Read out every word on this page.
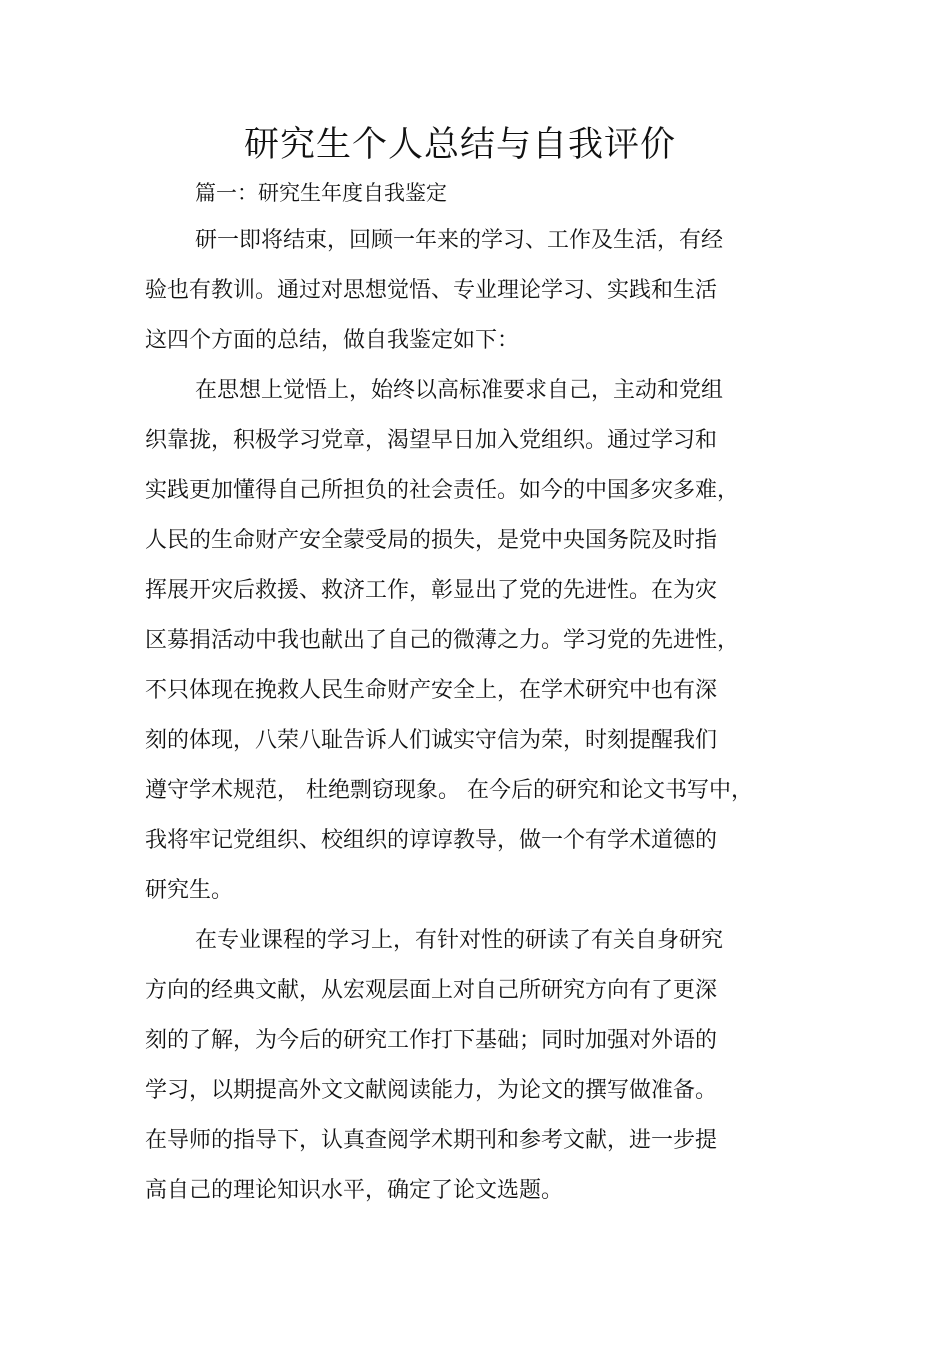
研究生个人总结与自我评价
篇一：研究生年度自我鉴定
研一即将结束，回顾一年来的学习、工作及生活，有经
验也有教训。通过对思想觉悟、专业理论学习、实践和生活
这四个方面的总结，做自我鉴定如下：
在思想上觉悟上，始终以高标准要求自己，主动和党组
织靠拢，积极学习党章，渴望早日加入党组织。通过学习和
实践更加懂得自己所担负的社会责任。如今的中国多灾多难，
人民的生命财产安全蒙受局的损失，是党中央国务院及时指
挥展开灾后救援、救济工作，彰显出了党的先进性。在为灾
区募捐活动中我也献出了自己的微薄之力。学习党的先进性，
不只体现在挽救人民生命财产安全上，在学术研究中也有深
刻的体现，八荣八耻告诉人们诚实守信为荣，时刻提醒我们
遵守学术规范， 杜绝剽窃现象。 在今后的研究和论文书写中，
我将牢记党组织、校组织的谆谆教导，做一个有学术道德的
研究生。
在专业课程的学习上，有针对性的研读了有关自身研究
方向的经典文献，从宏观层面上对自己所研究方向有了更深
刻的了解，为今后的研究工作打下基础；同时加强对外语的
学习，以期提高外文文献阅读能力，为论文的撰写做准备。
在导师的指导下，认真查阅学术期刊和参考文献，进一步提
高自己的理论知识水平，确定了论文选题。
